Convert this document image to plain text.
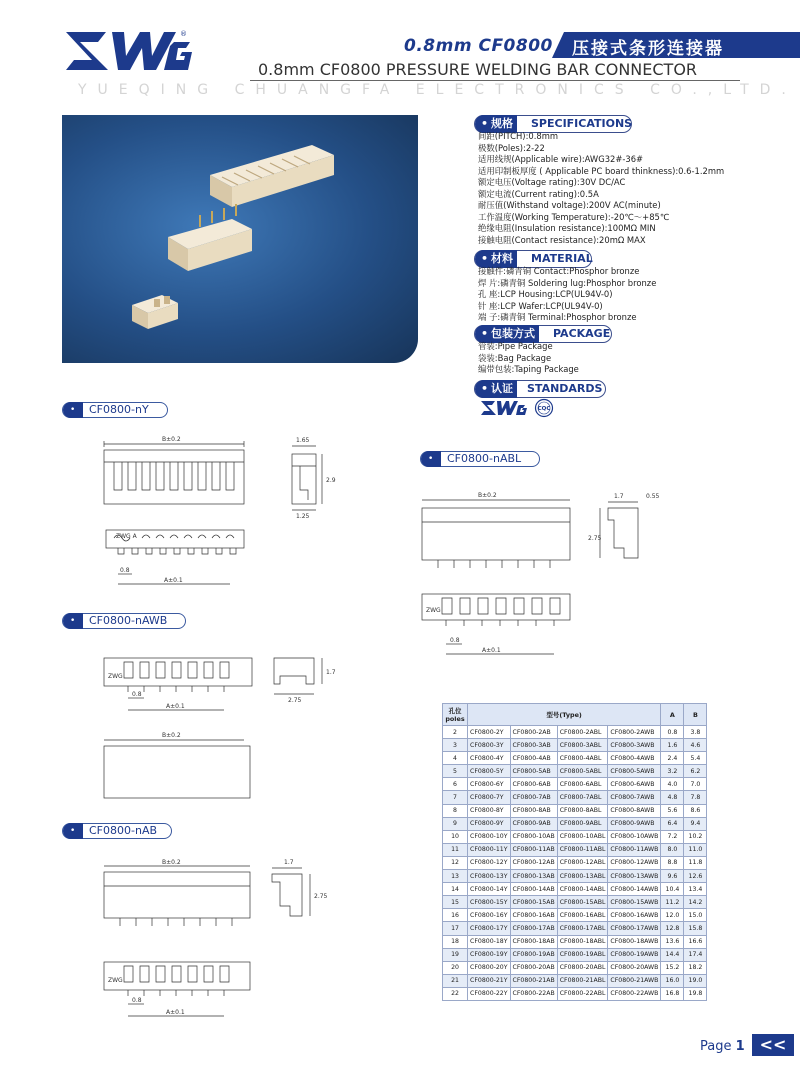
®
0.8mm CF0800 压接式条形连接器
0.8mm CF0800 PRESSURE WELDING BAR CONNECTOR
YUEQING CHUANGFA ELECTRONICS CO.,LTD.
• 规格	SPECIFICATIONS
间距(PITCH):0.8mm
极数(Poles):2-22
适用线规(Applicable wire):AWG32#-36#
适用印制板厚度 ( Applicable PC board thinkness):0.6-1.2mm
额定电压(Voltage rating):30V DC/AC
额定电流(Current rating):0.5A
耐压值(Withstand voltage):200V AC(minute)
工作温度(Working Temperature):-20℃～+85℃
绝缘电阻(Insulation resistance):100MΩ MIN
接触电阻(Contact resistance):20mΩ MAX
• 材料	MATERIAL
接触件:磷青铜 Contact:Phosphor bronze
焊 片:磷青铜 Soldering lug:Phosphor bronze
孔 座:LCP Housing:LCP(UL94V-0)
针 座:LCP Wafer:LCP(UL94V-0)
端 子:磷青铜 Terminal:Phosphor bronze
• 包装方式	PACKAGE
管装:Pipe Package
袋装:Bag Package
编带包装:Taping Package
• 认证	STANDARDS
CQC
•
CF0800-nY
•
CF0800-nABL
•
CF0800-nAWB
•
CF0800-nAB
B±0.2	1.65
2.9
1.25
ZWG A
0.8
A±0.1
B±0.2	1.7	0.55
2.75
ZWG
0.8
A±0.1
ZWG
0.8
A±0.1
2.75
1.7
B±0.2
B±0.2	1.7
2.75
ZWG
0.8
A±0.1
孔位
poles	型号(Type)				A	B
2	CF0800-2Y	CF0800-2AB	CF0800-2ABL	CF0800-2AWB	0.8	3.8
3	CF0800-3Y	CF0800-3AB	CF0800-3ABL	CF0800-3AWB	1.6	4.6
4	CF0800-4Y	CF0800-4AB	CF0800-4ABL	CF0800-4AWB	2.4	5.4
5	CF0800-5Y	CF0800-5AB	CF0800-5ABL	CF0800-5AWB	3.2	6.2
6	CF0800-6Y	CF0800-6AB	CF0800-6ABL	CF0800-6AWB	4.0	7.0
7	CF0800-7Y	CF0800-7AB	CF0800-7ABL	CF0800-7AWB	4.8	7.8
8	CF0800-8Y	CF0800-8AB	CF0800-8ABL	CF0800-8AWB	5.6	8.6
9	CF0800-9Y	CF0800-9AB	CF0800-9ABL	CF0800-9AWB	6.4	9.4
10	CF0800-10Y	CF0800-10AB	CF0800-10ABL	CF0800-10AWB	7.2	10.2
11	CF0800-11Y	CF0800-11AB	CF0800-11ABL	CF0800-11AWB	8.0	11.0
12	CF0800-12Y	CF0800-12AB	CF0800-12ABL	CF0800-12AWB	8.8	11.8
13	CF0800-13Y	CF0800-13AB	CF0800-13ABL	CF0800-13AWB	9.6	12.6
14	CF0800-14Y	CF0800-14AB	CF0800-14ABL	CF0800-14AWB	10.4	13.4
15	CF0800-15Y	CF0800-15AB	CF0800-15ABL	CF0800-15AWB	11.2	14.2
16	CF0800-16Y	CF0800-16AB	CF0800-16ABL	CF0800-16AWB	12.0	15.0
17	CF0800-17Y	CF0800-17AB	CF0800-17ABL	CF0800-17AWB	12.8	15.8
18	CF0800-18Y	CF0800-18AB	CF0800-18ABL	CF0800-18AWB	13.6	16.6
19	CF0800-19Y	CF0800-19AB	CF0800-19ABL	CF0800-19AWB	14.4	17.4
20	CF0800-20Y	CF0800-20AB	CF0800-20ABL	CF0800-20AWB	15.2	18.2
21	CF0800-21Y	CF0800-21AB	CF0800-21ABL	CF0800-21AWB	16.0	19.0
22	CF0800-22Y	CF0800-22AB	CF0800-22ABL	CF0800-22AWB	16.8	19.8
Page 1 <<
